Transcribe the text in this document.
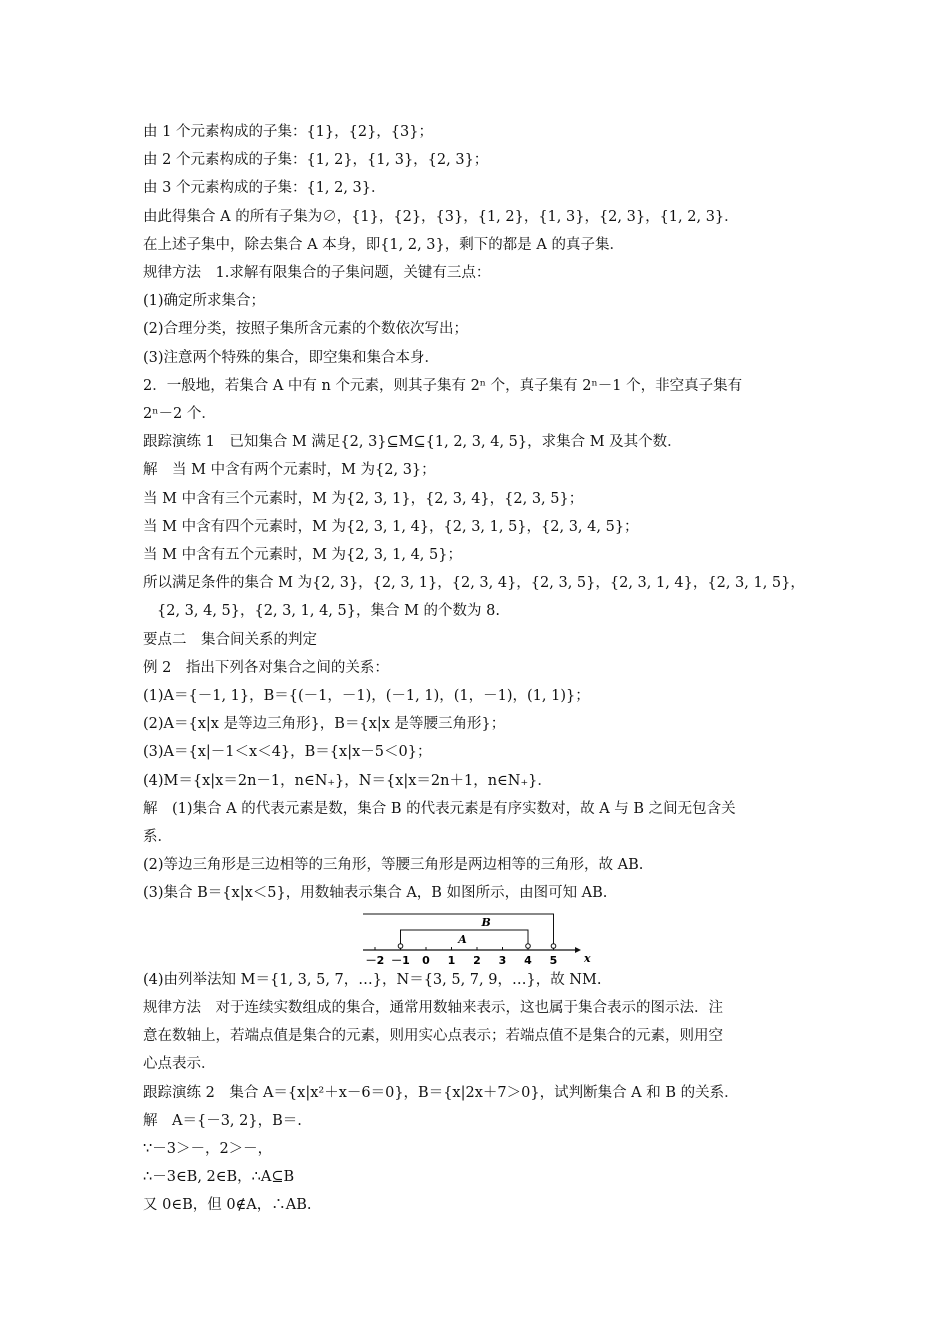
由 1 个元素构成的子集：{1}，{2}，{3}；
由 2 个元素构成的子集：{1, 2}，{1, 3}，{2, 3}；
由 3 个元素构成的子集：{1, 2, 3}．
由此得集合 A 的所有子集为∅，{1}，{2}，{3}，{1, 2}，{1, 3}，{2, 3}，{1, 2, 3}．
在上述子集中，除去集合 A 本身，即{1, 2, 3}，剩下的都是 A 的真子集．
规律方法　1.求解有限集合的子集问题，关键有三点：
(1)确定所求集合；
(2)合理分类，按照子集所含元素的个数依次写出；
(3)注意两个特殊的集合，即空集和集合本身．
2．一般地，若集合 A 中有 n 个元素，则其子集有 2ⁿ 个，真子集有 2ⁿ－1 个，非空真子集有
2ⁿ－2 个．
跟踪演练 1　已知集合 M 满足{2, 3}⊆M⊆{1, 2, 3, 4, 5}，求集合 M 及其个数．
解　当 M 中含有两个元素时，M 为{2, 3}；
当 M 中含有三个元素时，M 为{2, 3, 1}，{2, 3, 4}，{2, 3, 5}；
当 M 中含有四个元素时，M 为{2, 3, 1, 4}，{2, 3, 1, 5}，{2, 3, 4, 5}；
当 M 中含有五个元素时，M 为{2, 3, 1, 4, 5}；
所以满足条件的集合 M 为{2, 3}，{2, 3, 1}，{2, 3, 4}，{2, 3, 5}，{2, 3, 1, 4}，{2, 3, 1, 5}，
{2, 3, 4, 5}，{2, 3, 1, 4, 5}，集合 M 的个数为 8.
要点二　集合间关系的判定
例 2　指出下列各对集合之间的关系：
(1)A＝{－1, 1}，B＝{(－1，－1)，(－1, 1)，(1，－1)，(1, 1)}；
(2)A＝{x|x 是等边三角形}，B＝{x|x 是等腰三角形}；
(3)A＝{x|－1＜x＜4}，B＝{x|x－5＜0}；
(4)M＝{x|x＝2n－1，n∈N₊}，N＝{x|x＝2n＋1，n∈N₊}．
解　(1)集合 A 的代表元素是数，集合 B 的代表元素是有序实数对，故 A 与 B 之间无包含关
系．
(2)等边三角形是三边相等的三角形，等腰三角形是两边相等的三角形，故 AB.
(3)集合 B＝{x|x＜5}，用数轴表示集合 A，B 如图所示，由图可知 AB.
－2 －1 0 1 2 3 4 5 x
A
B
(4)由列举法知 M＝{1, 3, 5, 7，…}，N＝{3, 5, 7, 9，…}，故 NM.
规律方法　对于连续实数组成的集合，通常用数轴来表示，这也属于集合表示的图示法．注
意在数轴上，若端点值是集合的元素，则用实心点表示；若端点值不是集合的元素，则用空
心点表示．
跟踪演练 2　集合 A＝{x|x²＋x－6＝0}，B＝{x|2x＋7＞0}，试判断集合 A 和 B 的关系．
解　A＝{－3, 2}，B＝.
∵－3＞－，2＞－，
∴－3∈B, 2∈B，∴A⊆B
又 0∈B，但 0∉A，∴AB.
